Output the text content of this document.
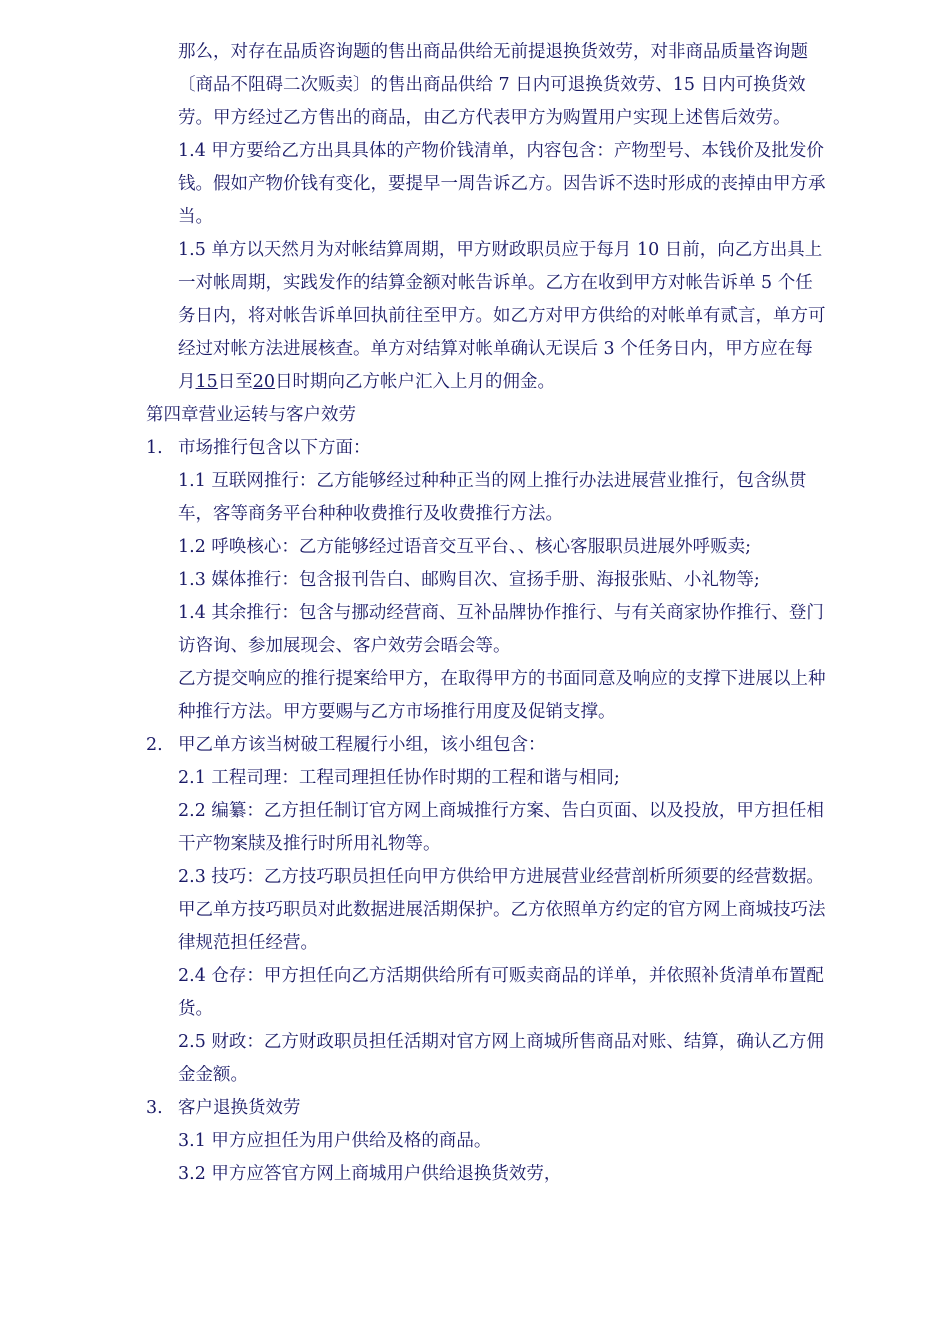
那么，对存在品质咨询题的售出商品供给无前提退换货效劳，对非商品质量咨询题〔商品不阻碍二次贩卖〕的售出商品供给 7 日内可退换货效劳、15 日内可换货效劳。甲方经过乙方售出的商品，由乙方代表甲方为购置用户实现上述售后效劳。

1.4 甲方要给乙方出具具体的产物价钱清单，内容包含：产物型号、本钱价及批发价钱。假如产物价钱有变化，要提早一周告诉乙方。因告诉不迭时形成的丧掉由甲方承当。

1.5 单方以天然月为对帐结算周期，甲方财政职员应于每月 10 日前，向乙方出具上一对帐周期，实践发作的结算金额对帐告诉单。乙方在收到甲方对帐告诉单 5 个任务日内，将对帐告诉单回执前往至甲方。如乙方对甲方供给的对帐单有贰言，单方可经过对帐方法进展核查。单方对结算对帐单确认无误后 3 个任务日内，甲方应在每月15日至20日时期向乙方帐户汇入上月的佣金。

第四章营业运转与客户效劳

1. 市场推行包含以下方面：

1.1 互联网推行：乙方能够经过种种正当的网上推行办法进展营业推行，包含纵贯车，客等商务平台种种收费推行及收费推行方法。

1.2 呼唤核心：乙方能够经过语音交互平台、、核心客服职员进展外呼贩卖;

1.3 媒体推行：包含报刊告白、邮购目次、宣扬手册、海报张贴、小礼物等;

1.4 其余推行：包含与挪动经营商、互补品牌协作推行、与有关商家协作推行、登门访咨询、参加展现会、客户效劳会晤会等。

乙方提交响应的推行提案给甲方，在取得甲方的书面同意及响应的支撑下进展以上种种推行方法。甲方要赐与乙方市场推行用度及促销支撑。

2. 甲乙单方该当树破工程履行小组，该小组包含：

2.1 工程司理：工程司理担任协作时期的工程和谐与相同;

2.2 编纂：乙方担任制订官方网上商城推行方案、告白页面、以及投放，甲方担任相干产物案牍及推行时所用礼物等。

2.3 技巧：乙方技巧职员担任向甲方供给甲方进展营业经营剖析所须要的经营数据。甲乙单方技巧职员对此数据进展活期保护。乙方依照单方约定的官方网上商城技巧法律规范担任经营。

2.4 仓存：甲方担任向乙方活期供给所有可贩卖商品的详单，并依照补货清单布置配货。

2.5 财政：乙方财政职员担任活期对官方网上商城所售商品对账、结算，确认乙方佣金金额。

3. 客户退换货效劳

3.1 甲方应担任为用户供给及格的商品。

3.2 甲方应答官方网上商城用户供给退换货效劳，
